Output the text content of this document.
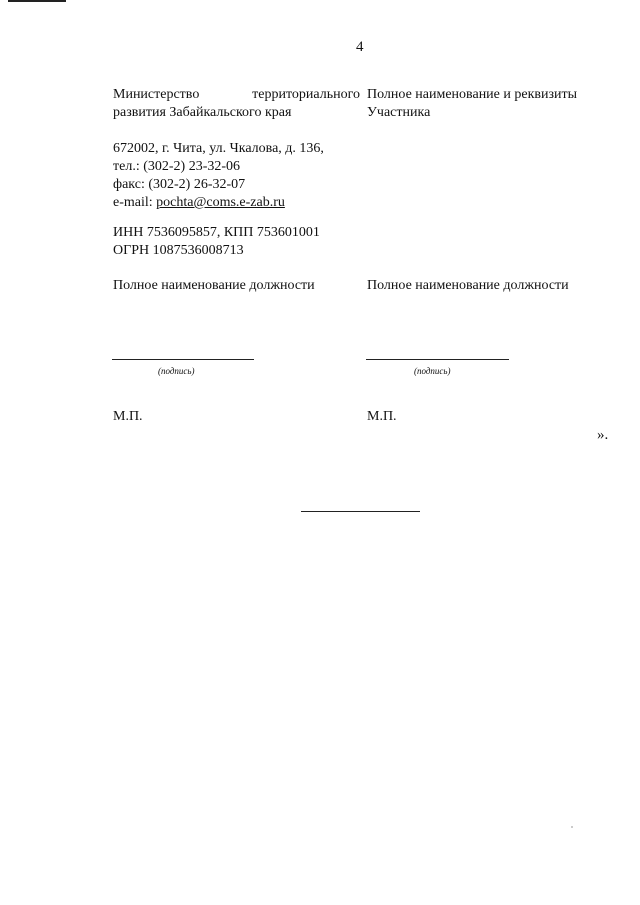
4
Министерство	территориального
развития Забайкальского края
672002, г. Чита, ул. Чкалова, д. 136,
тел.: (302-2) 23-32-06
факс: (302-2) 26-32-07
e-mail: pochta@coms.e-zab.ru
ИНН 7536095857, КПП 753601001
ОГРН 1087536008713
Полное наименование должности
(подпись)
М.П.
Полное наименование и реквизиты
Участника
Полное наименование должности
(подпись)
М.П.
».
